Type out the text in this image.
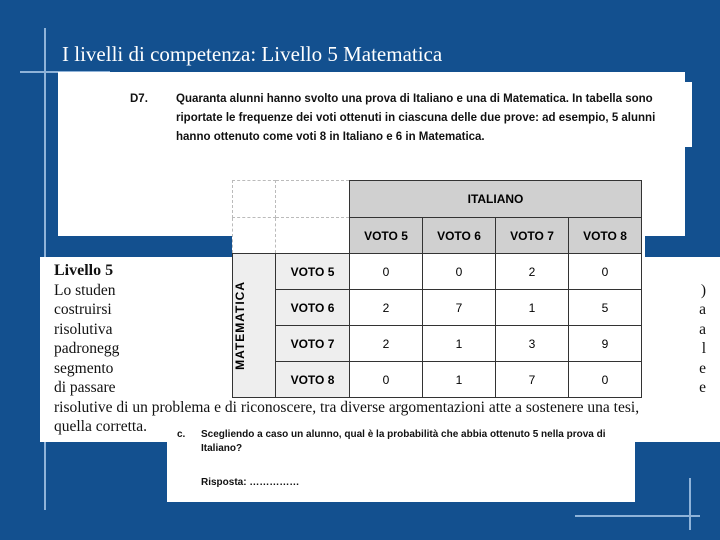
I livelli di competenza: Livello 5 Matematica
D7.	Quaranta alunni hanno svolto una prova di Italiano e una di Matematica. In tabella sono riportate le frequenze dei voti ottenuti in ciascuna delle due prove: ad esempio, 5 alunni hanno ottenuto come voti 8 in Italiano e 6 in Matematica.
Livello 5
Lo studen	)
costruirsi	a
risolutiva	a
padronegg	l
segmento	e
di passare	e
risolutive di un problema e di riconoscere, tra diverse argomentazioni atte a sostenere una tesi,
quella corretta.
		ITALIANO			
		VOTO 5	VOTO 6	VOTO 7	VOTO 8

MATEMATICA	VOTO 5	0	0	2	0
	VOTO 6	2	7	1	5
	VOTO 7	2	1	3	9
	VOTO 8	0	1	7	0
c.	Scegliendo a caso un alunno, qual è la probabilità che abbia ottenuto 5 nella prova di Italiano?
Risposta: ……………
